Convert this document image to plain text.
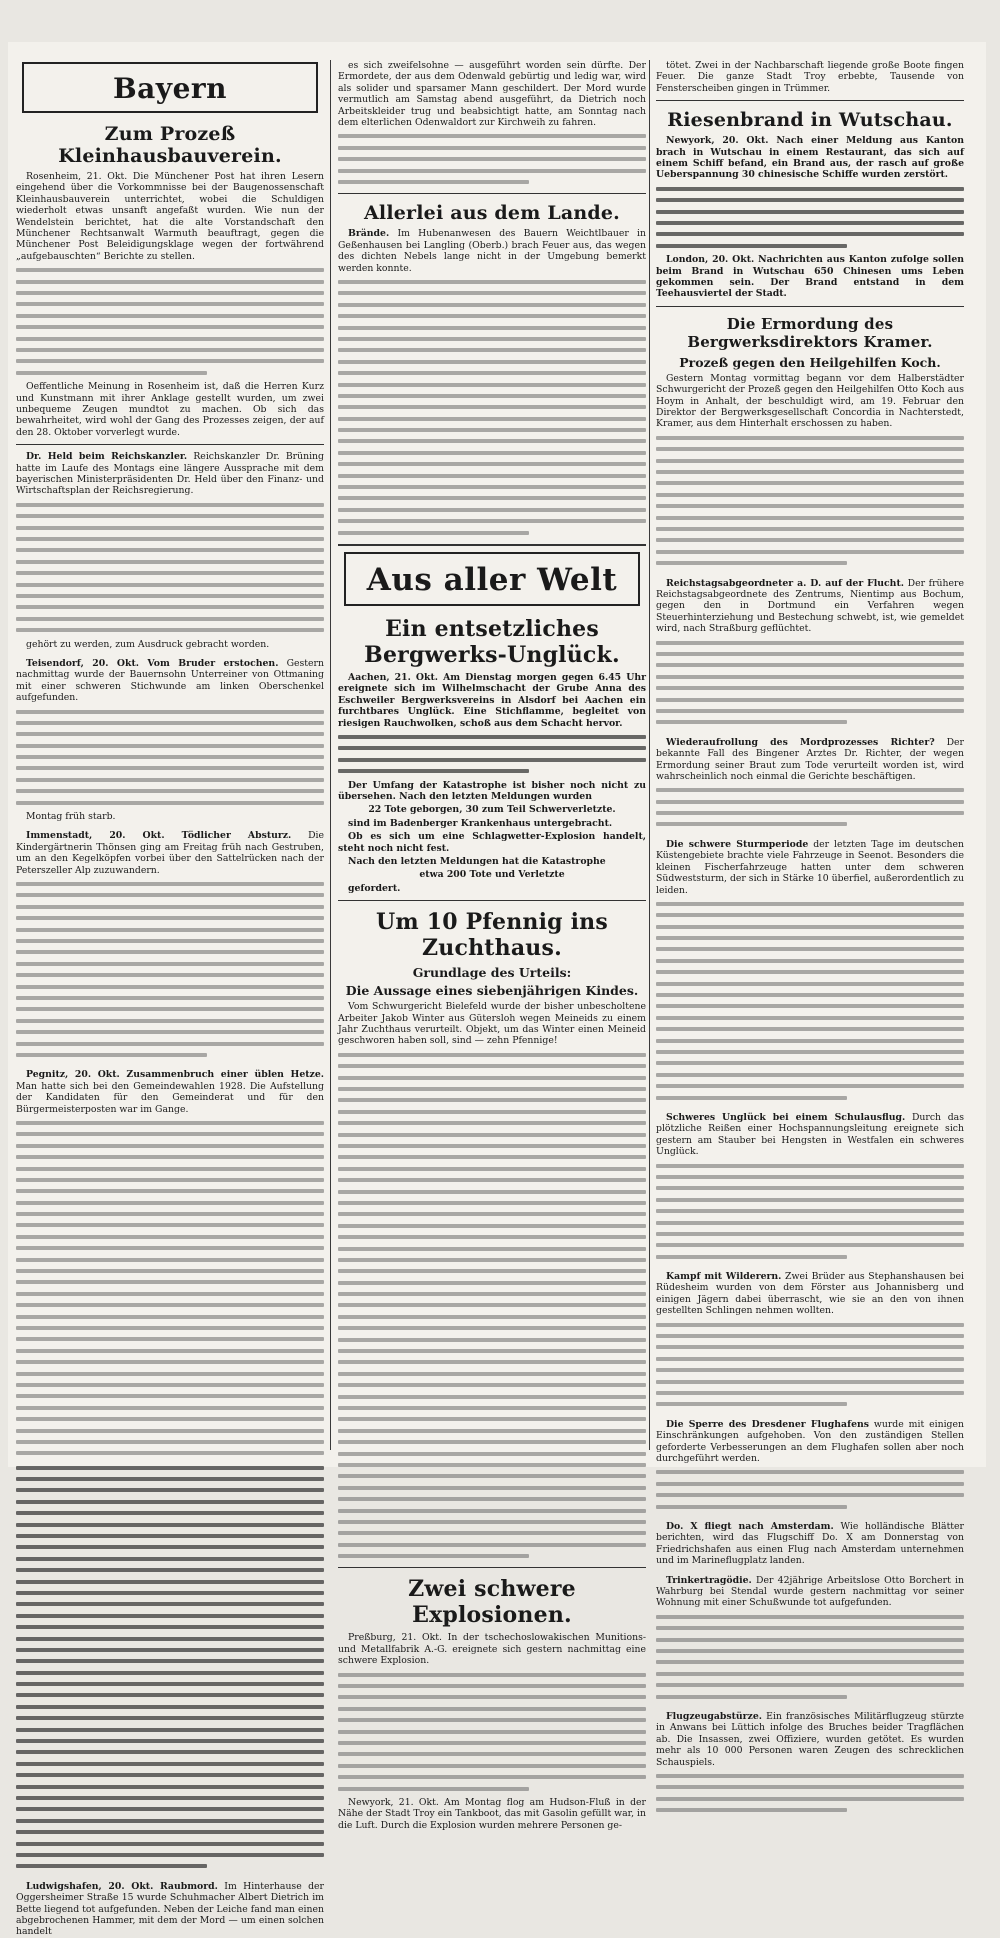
Bayern
Zum Prozeß Kleinhausbauverein.

Rosenheim, 21. Okt. Die Münchener Post hat ihren Lesern eingehend über die Vorkommnisse bei der Baugenossenschaft Kleinhausbauverein unterrichtet, wobei die Schuldigen wiederholt etwas unsanft angefaßt wurden. Wie nun der Wendelstein berichtet, hat die alte Vorstandschaft den Münchener Rechtsanwalt Warmuth beauftragt, gegen die Münchener Post Beleidigungsklage wegen der fortwährend „aufgebauschten“ Berichte zu stellen.

Oeffentliche Meinung in Rosenheim ist, daß die Herren Kurz und Kunstmann mit ihrer Anklage gestellt wurden, um zwei unbequeme Zeugen mundtot zu machen. Ob sich das bewahrheitet, wird wohl der Gang des Prozesses zeigen, der auf den 28. Oktober vorverlegt wurde.

Dr. Held beim Reichskanzler. Reichskanzler Dr. Brüning hatte im Laufe des Montags eine längere Aussprache mit dem bayerischen Ministerpräsidenten Dr. Held über den Finanz- und Wirtschaftsplan der Reichsregierung.

gehört zu werden, zum Ausdruck gebracht worden.

Teisendorf, 20. Okt. Vom Bruder erstochen. Gestern nachmittag wurde der Bauernsohn Unterreiner von Ottmaning mit einer schweren Stichwunde am linken Oberschenkel aufgefunden.

Montag früh starb.

Immenstadt, 20. Okt. Tödlicher Absturz. Die Kindergärtnerin Thönsen ging am Freitag früh nach Gestruben, um an den Kegelköpfen vorbei über den Sattelrücken nach der Peterszeller Alp zuzuwandern.

Pegnitz, 20. Okt. Zusammenbruch einer üblen Hetze. Man hatte sich bei den Gemeindewahlen 1928. Die Aufstellung der Kandidaten für den Gemeinderat und für den Bürgermeisterposten war im Gange.

Ludwigshafen, 20. Okt. Raubmord. Im Hinterhause der Oggersheimer Straße 15 wurde Schuhmacher Albert Dietrich im Bette liegend tot aufgefunden. Neben der Leiche fand man einen abgebrochenen Hammer, mit dem der Mord — um einen solchen handelt

es sich zweifelsohne — ausgeführt worden sein dürfte. Der Ermordete, der aus dem Odenwald gebürtig und ledig war, wird als solider und sparsamer Mann geschildert. Der Mord wurde vermutlich am Samstag abend ausgeführt, da Dietrich noch Arbeitskleider trug und beabsichtigt hatte, am Sonntag nach dem elterlichen Odenwaldort zur Kirchweih zu fahren.

Allerlei aus dem Lande.

Brände. Im Hubenanwesen des Bauern Weichtlbauer in Geßenhausen bei Langling (Oberb.) brach Feuer aus, das wegen des dichten Nebels lange nicht in der Umgebung bemerkt werden konnte.

Aus aller Welt
Ein entsetzliches Bergwerks-Unglück.

Aachen, 21. Okt. Am Dienstag morgen gegen 6.45 Uhr ereignete sich im Wilhelmschacht der Grube Anna des Eschweiler Bergwerksvereins in Alsdorf bei Aachen ein furchtbares Unglück. Eine Stichflamme, begleitet von riesigen Rauchwolken, schoß aus dem Schacht hervor.

Der Umfang der Katastrophe ist bisher noch nicht zu übersehen. Nach den letzten Meldungen wurden

22 Tote geborgen, 30 zum Teil Schwerverletzte.

sind im Badenberger Krankenhaus untergebracht.

Ob es sich um eine Schlagwetter-Explosion handelt, steht noch nicht fest.

Nach den letzten Meldungen hat die Katastrophe

etwa 200 Tote und Verletzte

gefordert.

Um 10 Pfennig ins Zuchthaus.
Grundlage des Urteils:
Die Aussage eines siebenjährigen Kindes.

Vom Schwurgericht Bielefeld wurde der bisher unbescholtene Arbeiter Jakob Winter aus Gütersloh wegen Meineids zu einem Jahr Zuchthaus verurteilt. Objekt, um das Winter einen Meineid geschworen haben soll, sind — zehn Pfennige!

Zwei schwere Explosionen.

Preßburg, 21. Okt. In der tschechoslowakischen Munitions- und Metallfabrik A.-G. ereignete sich gestern nachmittag eine schwere Explosion.

Newyork, 21. Okt. Am Montag flog am Hudson-Fluß in der Nähe der Stadt Troy ein Tankboot, das mit Gasolin gefüllt war, in die Luft. Durch die Explosion wurden mehrere Personen ge-

tötet. Zwei in der Nachbarschaft liegende große Boote fingen Feuer. Die ganze Stadt Troy erbebte, Tausende von Fensterscheiben gingen in Trümmer.

Riesenbrand in Wutschau.

Newyork, 20. Okt. Nach einer Meldung aus Kanton brach in Wutschau in einem Restaurant, das sich auf einem Schiff befand, ein Brand aus, der rasch auf große Ueberspannung 30 chinesische Schiffe wurden zerstört.

London, 20. Okt. Nachrichten aus Kanton zufolge sollen beim Brand in Wutschau 650 Chinesen ums Leben gekommen sein. Der Brand entstand in dem Teehausviertel der Stadt.

Die Ermordung des Bergwerksdirektors Kramer.
Prozeß gegen den Heilgehilfen Koch.

Gestern Montag vormittag begann vor dem Halberstädter Schwurgericht der Prozeß gegen den Heilgehilfen Otto Koch aus Hoym in Anhalt, der beschuldigt wird, am 19. Februar den Direktor der Bergwerksgesellschaft Concordia in Nachterstedt, Kramer, aus dem Hinterhalt erschossen zu haben.

Reichstagsabgeordneter a. D. auf der Flucht. Der frühere Reichstagsabgeordnete des Zentrums, Nientimp aus Bochum, gegen den in Dortmund ein Verfahren wegen Steuerhinterziehung und Bestechung schwebt, ist, wie gemeldet wird, nach Straßburg geflüchtet.

Wiederaufrollung des Mordprozesses Richter? Der bekannte Fall des Bingener Arztes Dr. Richter, der wegen Ermordung seiner Braut zum Tode verurteilt worden ist, wird wahrscheinlich noch einmal die Gerichte beschäftigen.

Die schwere Sturmperiode der letzten Tage im deutschen Küstengebiete brachte viele Fahrzeuge in Seenot. Besonders die kleinen Fischerfahrzeuge hatten unter dem schweren Südweststurm, der sich in Stärke 10 überfiel, außerordentlich zu leiden.

Schweres Unglück bei einem Schulausflug. Durch das plötzliche Reißen einer Hochspannungsleitung ereignete sich gestern am Stauber bei Hengsten in Westfalen ein schweres Unglück.

Kampf mit Wilderern. Zwei Brüder aus Stephanshausen bei Rüdesheim wurden von dem Förster aus Johannisberg und einigen Jägern dabei überrascht, wie sie an den von ihnen gestellten Schlingen nehmen wollten.

Die Sperre des Dresdener Flughafens wurde mit einigen Einschränkungen aufgehoben. Von den zuständigen Stellen geforderte Verbesserungen an dem Flughafen sollen aber noch durchgeführt werden.

Do. X fliegt nach Amsterdam. Wie holländische Blätter berichten, wird das Flugschiff Do. X am Donnerstag von Friedrichshafen aus einen Flug nach Amsterdam unternehmen und im Marineflugplatz landen.

Trinkertragödie. Der 42jährige Arbeitslose Otto Borchert in Wahrburg bei Stendal wurde gestern nachmittag vor seiner Wohnung mit einer Schußwunde tot aufgefunden.

Flugzeugabstürze. Ein französisches Militärflugzeug stürzte in Anwans bei Lüttich infolge des Bruches beider Tragflächen ab. Die Insassen, zwei Offiziere, wurden getötet. Es wurden mehr als 10 000 Personen waren Zeugen des schrecklichen Schauspiels.
